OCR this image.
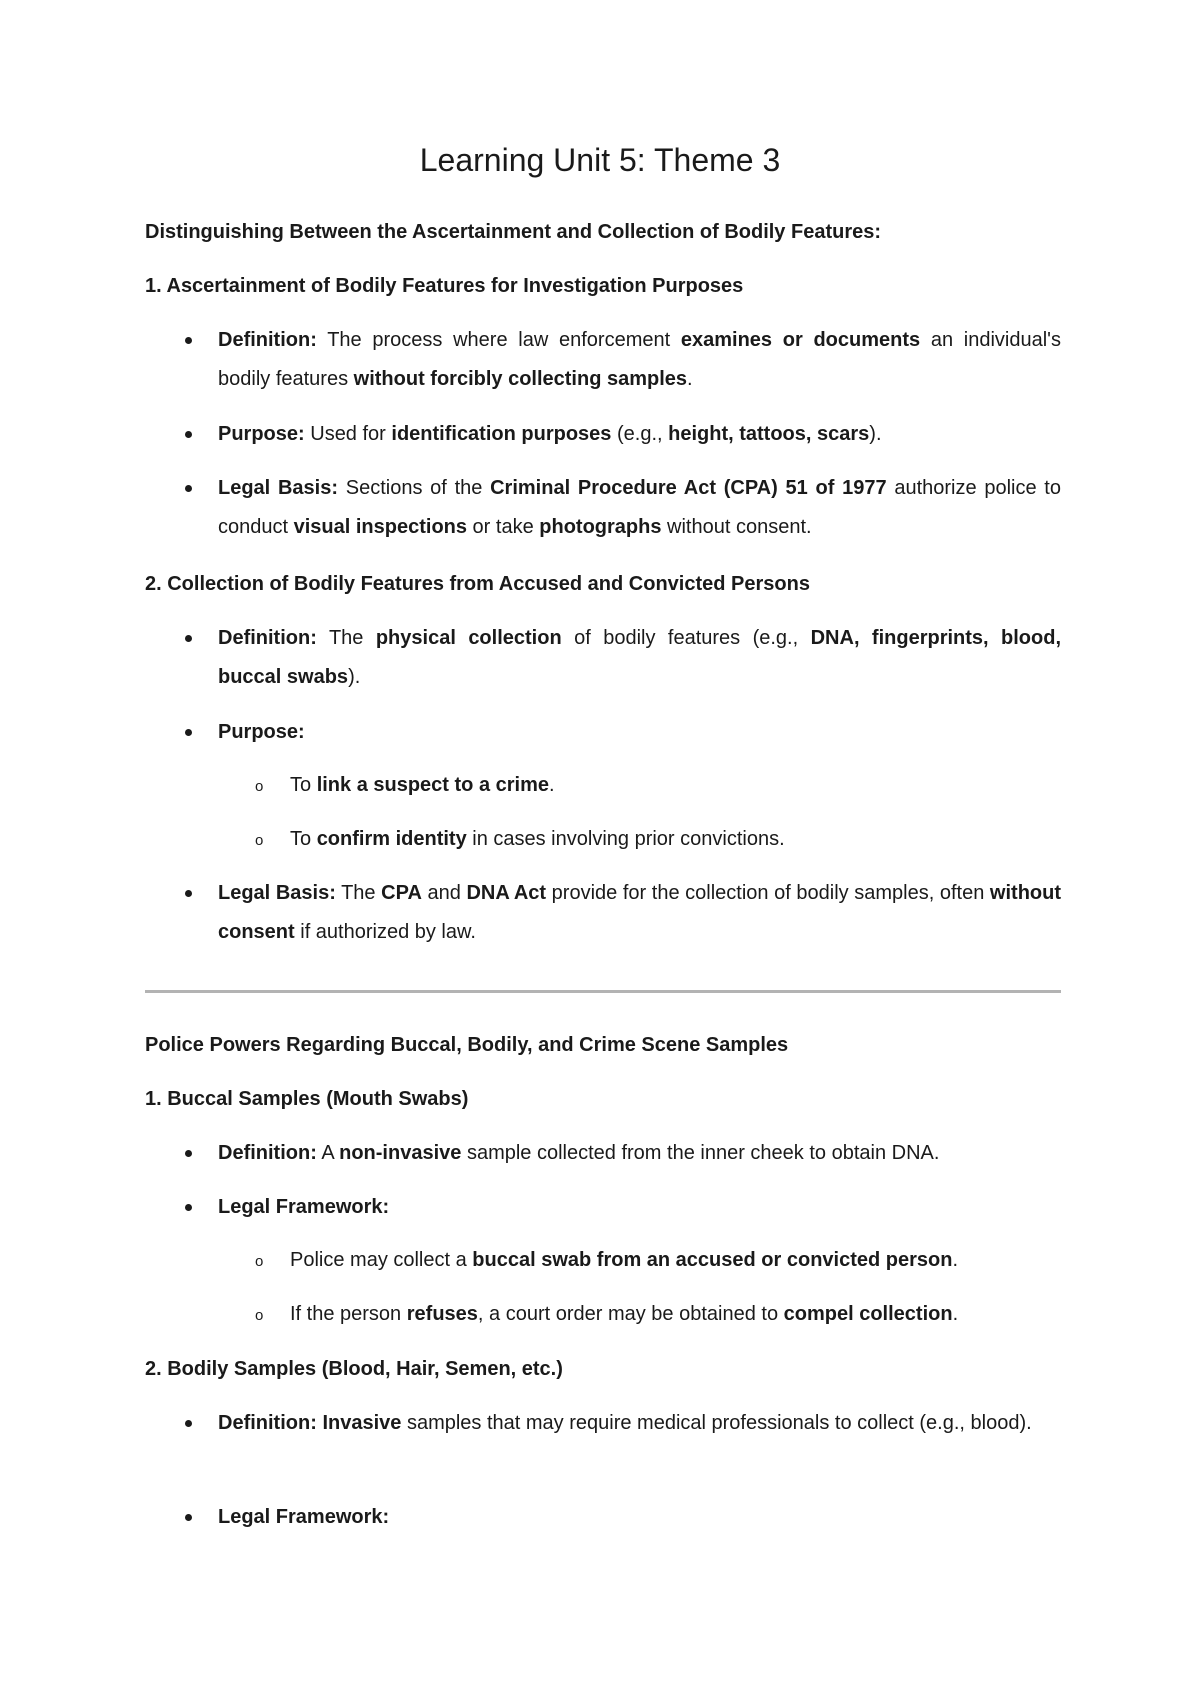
Learning Unit 5: Theme 3
Distinguishing Between the Ascertainment and Collection of Bodily Features:
1. Ascertainment of Bodily Features for Investigation Purposes
Definition: The process where law enforcement examines or documents an individual's bodily features without forcibly collecting samples.
Purpose: Used for identification purposes (e.g., height, tattoos, scars).
Legal Basis: Sections of the Criminal Procedure Act (CPA) 51 of 1977 authorize police to conduct visual inspections or take photographs without consent.
2. Collection of Bodily Features from Accused and Convicted Persons
Definition: The physical collection of bodily features (e.g., DNA, fingerprints, blood, buccal swabs).
Purpose:
o To link a suspect to a crime.
o To confirm identity in cases involving prior convictions.
Legal Basis: The CPA and DNA Act provide for the collection of bodily samples, often without consent if authorized by law.
Police Powers Regarding Buccal, Bodily, and Crime Scene Samples
1. Buccal Samples (Mouth Swabs)
Definition: A non-invasive sample collected from the inner cheek to obtain DNA.
Legal Framework:
o Police may collect a buccal swab from an accused or convicted person.
o If the person refuses, a court order may be obtained to compel collection.
2. Bodily Samples (Blood, Hair, Semen, etc.)
Definition: Invasive samples that may require medical professionals to collect (e.g., blood).
Legal Framework:
